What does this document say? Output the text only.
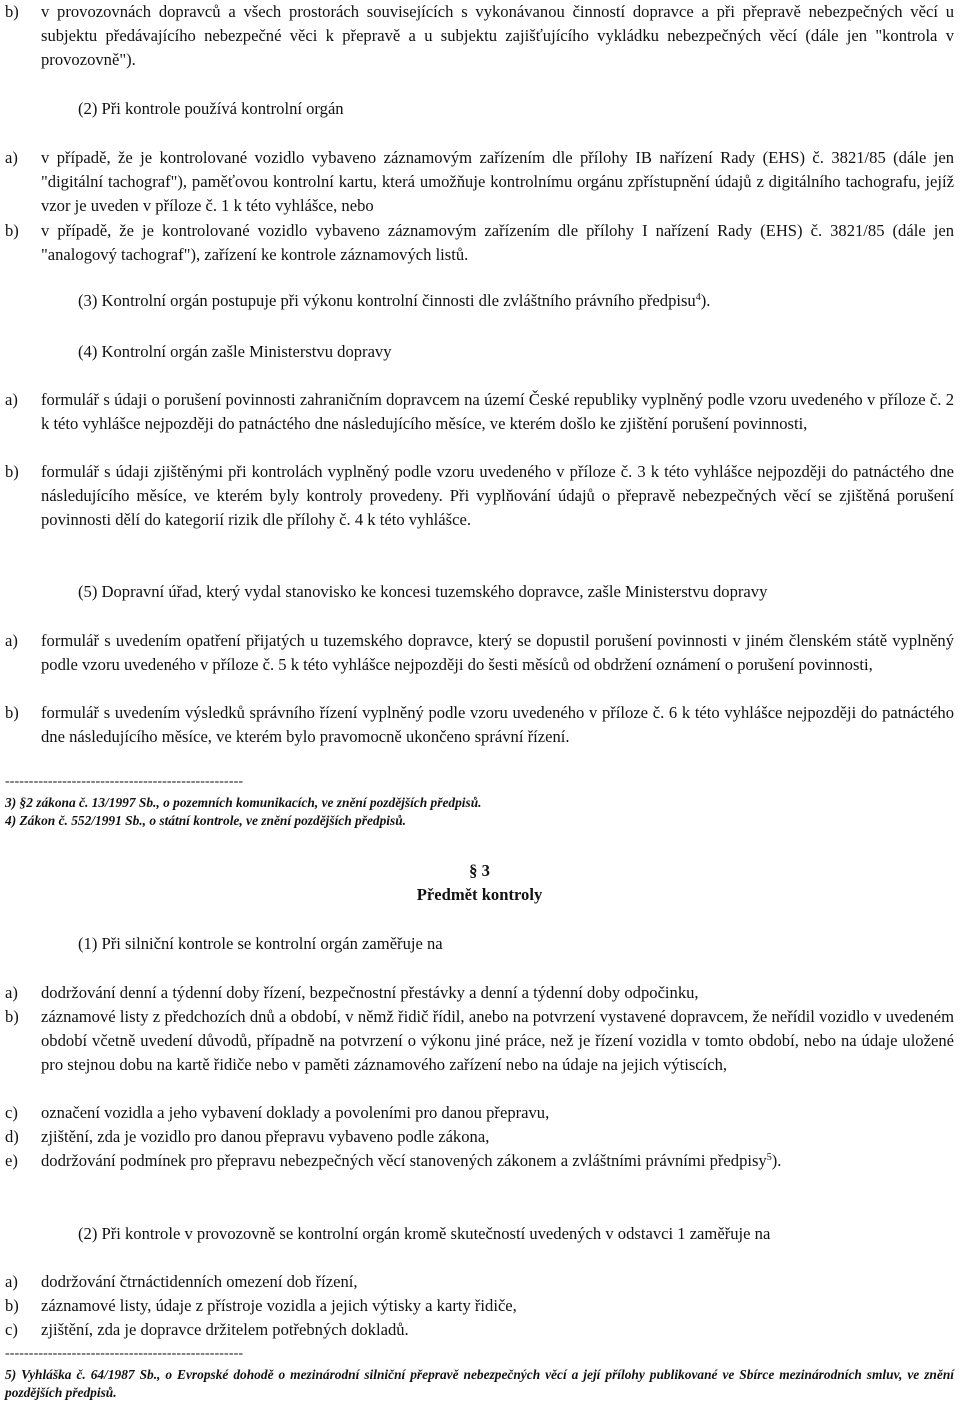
b) v provozovnách dopravců a všech prostorách souvisejících s vykonávanou činností dopravce a při přepravě nebezpečných věcí u subjektu předávajícího nebezpečné věci k přepravě a u subjektu zajišťujícího vykládku nebezpečných věcí (dále jen "kontrola v provozovně").

(2) Při kontrole používá kontrolní orgán

a) v případě, že je kontrolované vozidlo vybaveno záznamovým zařízením dle přílohy IB nařízení Rady (EHS) č. 3821/85 (dále jen "digitální tachograf"), paměťovou kontrolní kartu, která umožňuje kontrolnímu orgánu zpřístupnění údajů z digitálního tachografu, jejíž vzor je uveden v příloze č. 1 k této vyhlášce, nebo

b) v případě, že je kontrolované vozidlo vybaveno záznamovým zařízením dle přílohy I nařízení Rady (EHS) č. 3821/85 (dále jen "analogový tachograf"), zařízení ke kontrole záznamových listů.

(3) Kontrolní orgán postupuje při výkonu kontrolní činnosti dle zvláštního právního předpisu$^4$).

(4) Kontrolní orgán zašle Ministerstvu dopravy

a) formulář s údaji o porušení povinnosti zahraničním dopravcem na území České republiky vyplněný podle vzoru uvedeného v příloze č. 2 k této vyhlášce nejpozději do patnáctého dne následujícího měsíce, ve kterém došlo ke zjištění porušení povinnosti,

b) formulář s údaji zjištěnými při kontrolách vyplněný podle vzoru uvedeného v příloze č. 3 k této vyhlášce nejpozději do patnáctého dne následujícího měsíce, ve kterém byly kontroly provedeny. Při vyplňování údajů o přepravě nebezpečných věcí se zjištěná porušení povinnosti dělí do kategorií rizik dle přílohy č. 4 k této vyhlášce.

(5) Dopravní úřad, který vydal stanovisko ke koncesi tuzemského dopravce, zašle Ministerstvu dopravy

a) formulář s uvedením opatření přijatých u tuzemského dopravce, který se dopustil porušení povinnosti v jiném členském státě vyplněný podle vzoru uvedeného v příloze č. 5 k této vyhlášce nejpozději do šesti měsíců od obdržení oznámení o porušení povinnosti,

b) formulář s uvedením výsledků správního řízení vyplněný podle vzoru uvedeného v příloze č. 6 k této vyhlášce nejpozději do patnáctého dne následujícího měsíce, ve kterém bylo pravomocně ukončeno správní řízení.

--------------------------------------------------
3) §2 zákona č. 13/1997 Sb., o pozemních komunikacích, ve znění pozdějších předpisů.
4) Zákon č. 552/1991 Sb., o státní kontrole, ve znění pozdějších předpisů.
§ 3
Předmět kontroly

(1) Při silniční kontrole se kontrolní orgán zaměřuje na

a) dodržování denní a týdenní doby řízení, bezpečnostní přestávky a denní a týdenní doby odpočinku,

b) záznamové listy z předchozích dnů a období, v němž řidič řídil, anebo na potvrzení vystavené dopravcem, že neřídil vozidlo v uvedeném období včetně uvedení důvodů, případně na potvrzení o výkonu jiné práce, než je řízení vozidla v tomto období, nebo na údaje uložené pro stejnou dobu na kartě řidiče nebo v paměti záznamového zařízení nebo na údaje na jejich výtiscích,

c) označení vozidla a jeho vybavení doklady a povoleními pro danou přepravu,

d) zjištění, zda je vozidlo pro danou přepravu vybaveno podle zákona,

e) dodržování podmínek pro přepravu nebezpečných věcí stanovených zákonem a zvláštními právními předpisy$^5$).

(2) Při kontrole v provozovně se kontrolní orgán kromě skutečností uvedených v odstavci 1 zaměřuje na

a) dodržování čtrnáctidenních omezení dob řízení,

b) záznamové listy, údaje z přístroje vozidla a jejich výtisky a karty řidiče,

c) zjištění, zda je dopravce držitelem potřebných dokladů.

--------------------------------------------------
5) Vyhláška č. 64/1987 Sb., o Evropské dohodě o mezinárodní silniční přepravě nebezpečných věcí a její přílohy publikované ve Sbírce mezinárodních smluv, ve znění pozdějších předpisů.
